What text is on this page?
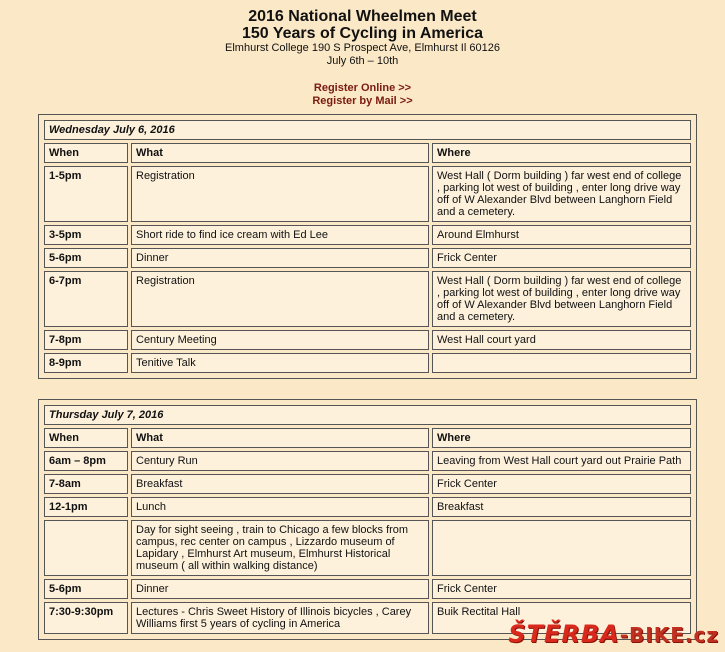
2016 National Wheelmen Meet
150 Years of Cycling in America
Elmhurst College 190 S Prospect Ave, Elmhurst Il 60126
July 6th – 10th
Register Online >>
Register by Mail >>
Wednesday July 6, 2016		
When	What	Where
1-5pm	Registration	West Hall ( Dorm building ) far west end of college , parking lot west of building , enter long drive way off of W Alexander Blvd between Langhorn Field and a cemetery.
3-5pm	Short ride to find ice cream with Ed Lee	Around Elmhurst
5-6pm	Dinner	Frick Center
6-7pm	Registration	West Hall ( Dorm building ) far west end of college , parking lot west of building , enter long drive way off of W Alexander Blvd between Langhorn Field and a cemetery.
7-8pm	Century Meeting	West Hall court yard
8-9pm	Tenitive Talk	
Thursday July 7, 2016		
When	What	Where
6am – 8pm	Century Run	Leaving from West Hall court yard out Prairie Path
7-8am	Breakfast	Frick Center
12-1pm	Lunch	Breakfast
	Day for sight seeing , train to Chicago a few blocks from campus, rec center on campus , Lizzardo museum of Lapidary , Elmhurst Art museum, Elmhurst Historical museum ( all within walking distance)	
5-6pm	Dinner	Frick Center
7:30-9:30pm	Lectures - Chris Sweet History of Illinois bicycles , Carey Williams first 5 years of cycling in America	Buik Rectital Hall
ŠTĚRBA-BIKE.cz
